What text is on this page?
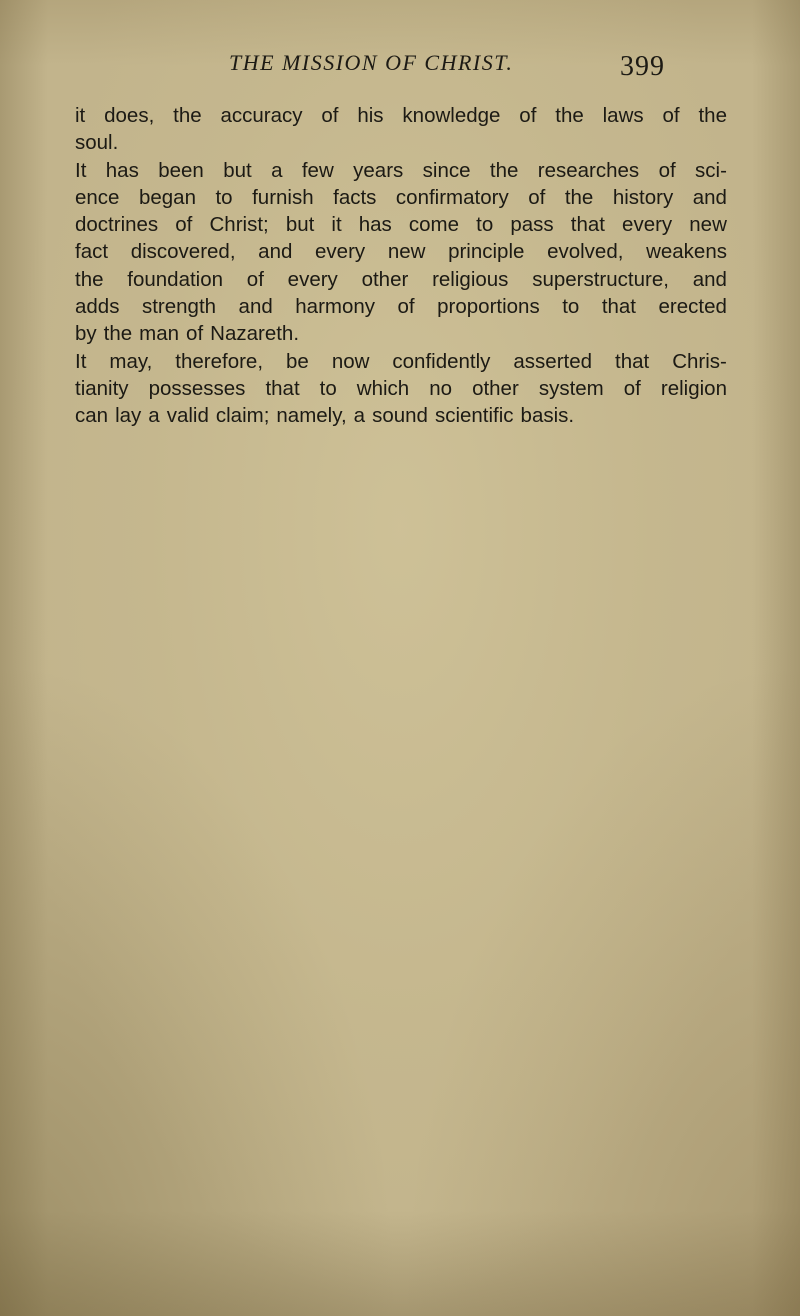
THE MISSION OF CHRIST.	399
it does, the accuracy of his knowledge of the laws of the
soul.
It has been but a few years since the researches of sci-
ence began to furnish facts confirmatory of the history and
doctrines of Christ; but it has come to pass that every new
fact discovered, and every new principle evolved, weakens
the foundation of every other religious superstructure, and
adds strength and harmony of proportions to that erected
by the man of Nazareth.
It may, therefore, be now confidently asserted that Chris-
tianity possesses that to which no other system of religion
can lay a valid claim; namely, a sound scientific basis.
